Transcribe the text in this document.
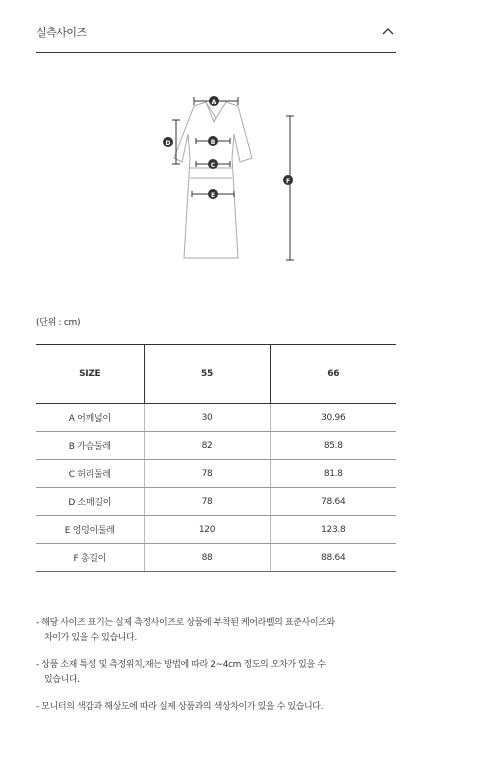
실측사이즈
A
B
C
D
E
F
(단위 : cm)
SIZE	55	66
A 어깨넓이	30	30.96
B 가슴둘레	82	85.8
C 허리둘레	78	81.8
D 소매길이	78	78.64
E 엉덩이둘레	120	123.8
F 총길이	88	88.64

- 해당 사이즈 표기는 실제 측정사이즈로 상품에 부착된 케어라벨의 표준사이즈와
차이가 있을 수 있습니다.

- 상품 소재 특성 및 측정위치,재는 방법에 따라 2~4cm 정도의 오차가 있을 수
있습니다.

- 모니터의 색감과 해상도에 따라 실제 상품과의 색상차이가 있을 수 있습니다.
